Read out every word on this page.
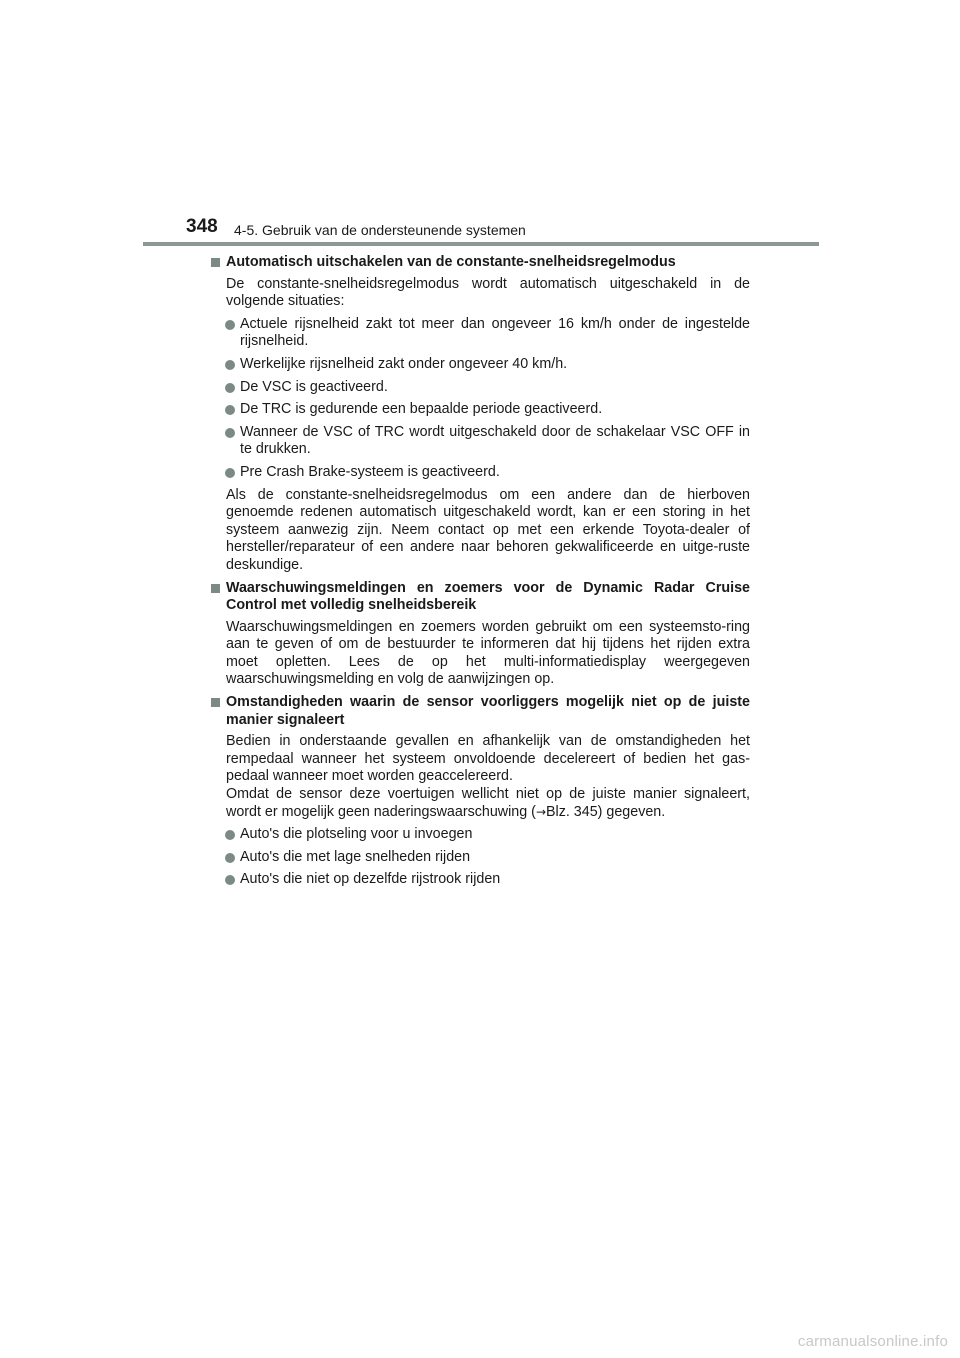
348 4-5. Gebruik van de ondersteunende systemen
Automatisch uitschakelen van de constante-snelheidsregelmodus
De constante-snelheidsregelmodus wordt automatisch uitgeschakeld in de volgende situaties:
Actuele rijsnelheid zakt tot meer dan ongeveer 16 km/h onder de ingestelde rijsnelheid.
Werkelijke rijsnelheid zakt onder ongeveer 40 km/h.
De VSC is geactiveerd.
De TRC is gedurende een bepaalde periode geactiveerd.
Wanneer de VSC of TRC wordt uitgeschakeld door de schakelaar VSC OFF in te drukken.
Pre Crash Brake-systeem is geactiveerd.
Als de constante-snelheidsregelmodus om een andere dan de hierboven genoemde redenen automatisch uitgeschakeld wordt, kan er een storing in het systeem aanwezig zijn. Neem contact op met een erkende Toyota-dealer of hersteller/reparateur of een andere naar behoren gekwalificeerde en uitge-ruste deskundige.
Waarschuwingsmeldingen en zoemers voor de Dynamic Radar Cruise Control met volledig snelheidsbereik
Waarschuwingsmeldingen en zoemers worden gebruikt om een systeemsto-ring aan te geven of om de bestuurder te informeren dat hij tijdens het rijden extra moet opletten. Lees de op het multi-informatiedisplay weergegeven waarschuwingsmelding en volg de aanwijzingen op.
Omstandigheden waarin de sensor voorliggers mogelijk niet op de juiste manier signaleert
Bedien in onderstaande gevallen en afhankelijk van de omstandigheden het rempedaal wanneer het systeem onvoldoende decelereert of bedien het gas-pedaal wanneer moet worden geaccelereerd.
Omdat de sensor deze voertuigen wellicht niet op de juiste manier signaleert, wordt er mogelijk geen naderingswaarschuwing (→Blz. 345) gegeven.
Auto's die plotseling voor u invoegen
Auto's die met lage snelheden rijden
Auto's die niet op dezelfde rijstrook rijden
carmanualsonline.info
